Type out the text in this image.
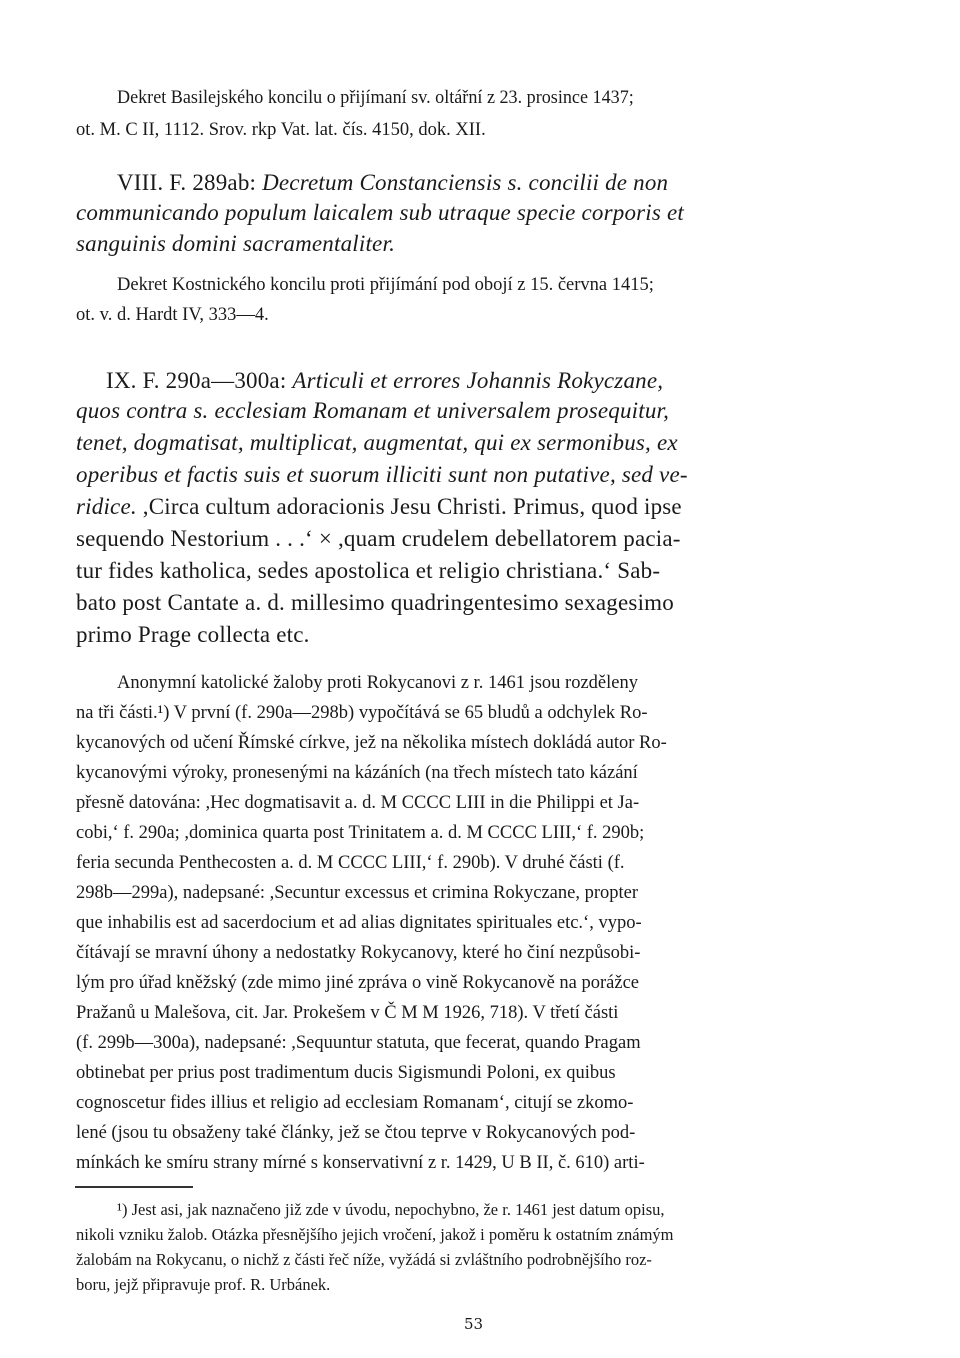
Dekret Basilejského koncilu o přijímaní sv. oltářní z 23. prosince 1437;
ot. M. C II, 1112. Srov. rkp Vat. lat. čís. 4150, dok. XII.
VIII. F. 289ab: Decretum Constanciensis s. concilii de non
communicando populum laicalem sub utraque specie corporis et
sanguinis domini sacramentaliter.
Dekret Kostnického koncilu proti přijímání pod obojí z 15. června 1415;
ot. v. d. Hardt IV, 333—4.
IX. F. 290a—300a: Articuli et errores Johannis Rokyczane,
quos contra s. ecclesiam Romanam et universalem prosequitur,
tenet, dogmatisat, multiplicat, augmentat, qui ex sermonibus, ex
operibus et factis suis et suorum illiciti sunt non putative, sed ve-
ridice. ,Circa cultum adoracionis Jesu Christi. Primus, quod ipse
sequendo Nestorium . . .‘ × ,quam crudelem debellatorem pacia-
tur fides katholica, sedes apostolica et religio christiana.‘ Sab-
bato post Cantate a. d. millesimo quadringentesimo sexagesimo
primo Prage collecta etc.
Anonymní katolické žaloby proti Rokycanovi z r. 1461 jsou rozděleny
na tři části.¹) V první (f. 290a—298b) vypočítává se 65 bludů a odchylek Ro-
kycanových od učení Římské církve, jež na několika místech dokládá autor Ro-
kycanovými výroky, pronesenými na kázáních (na třech místech tato kázání
přesně datována: ,Hec dogmatisavit a. d. M CCCC LIII in die Philippi et Ja-
cobi,‘ f. 290a; ,dominica quarta post Trinitatem a. d. M CCCC LIII,‘ f. 290b;
feria secunda Penthecosten a. d. M CCCC LIII,‘ f. 290b). V druhé části (f.
298b—299a), nadepsané: ,Secuntur excessus et crimina Rokyczane, propter
que inhabilis est ad sacerdocium et ad alias dignitates spirituales etc.‘, vypo-
čítávají se mravní úhony a nedostatky Rokycanovy, které ho činí nezpůsobi-
lým pro úřad kněžský (zde mimo jiné zpráva o vině Rokycanově na porážce
Pražanů u Malešova, cit. Jar. Prokešem v Č M M 1926, 718). V třetí části
(f. 299b—300a), nadepsané: ,Sequuntur statuta, que fecerat, quando Pragam
obtinebat per prius post tradimentum ducis Sigismundi Poloni, ex quibus
cognoscetur fides illius et religio ad ecclesiam Romanam‘, citují se zkomo-
lené (jsou tu obsaženy také články, jež se čtou teprve v Rokycanových pod-
mínkách ke smíru strany mírné s konservativní z r. 1429, U B II, č. 610) arti-
¹) Jest asi, jak naznačeno již zde v úvodu, nepochybno, že r. 1461 jest datum opisu,
nikoli vzniku žalob. Otázka přesnějšího jejich vročení, jakož i poměru k ostatním známým
žalobám na Rokycanu, o nichž z části řeč níže, vyžádá si zvláštního podrobnějšího roz-
boru, jejž připravuje prof. R. Urbánek.
53
